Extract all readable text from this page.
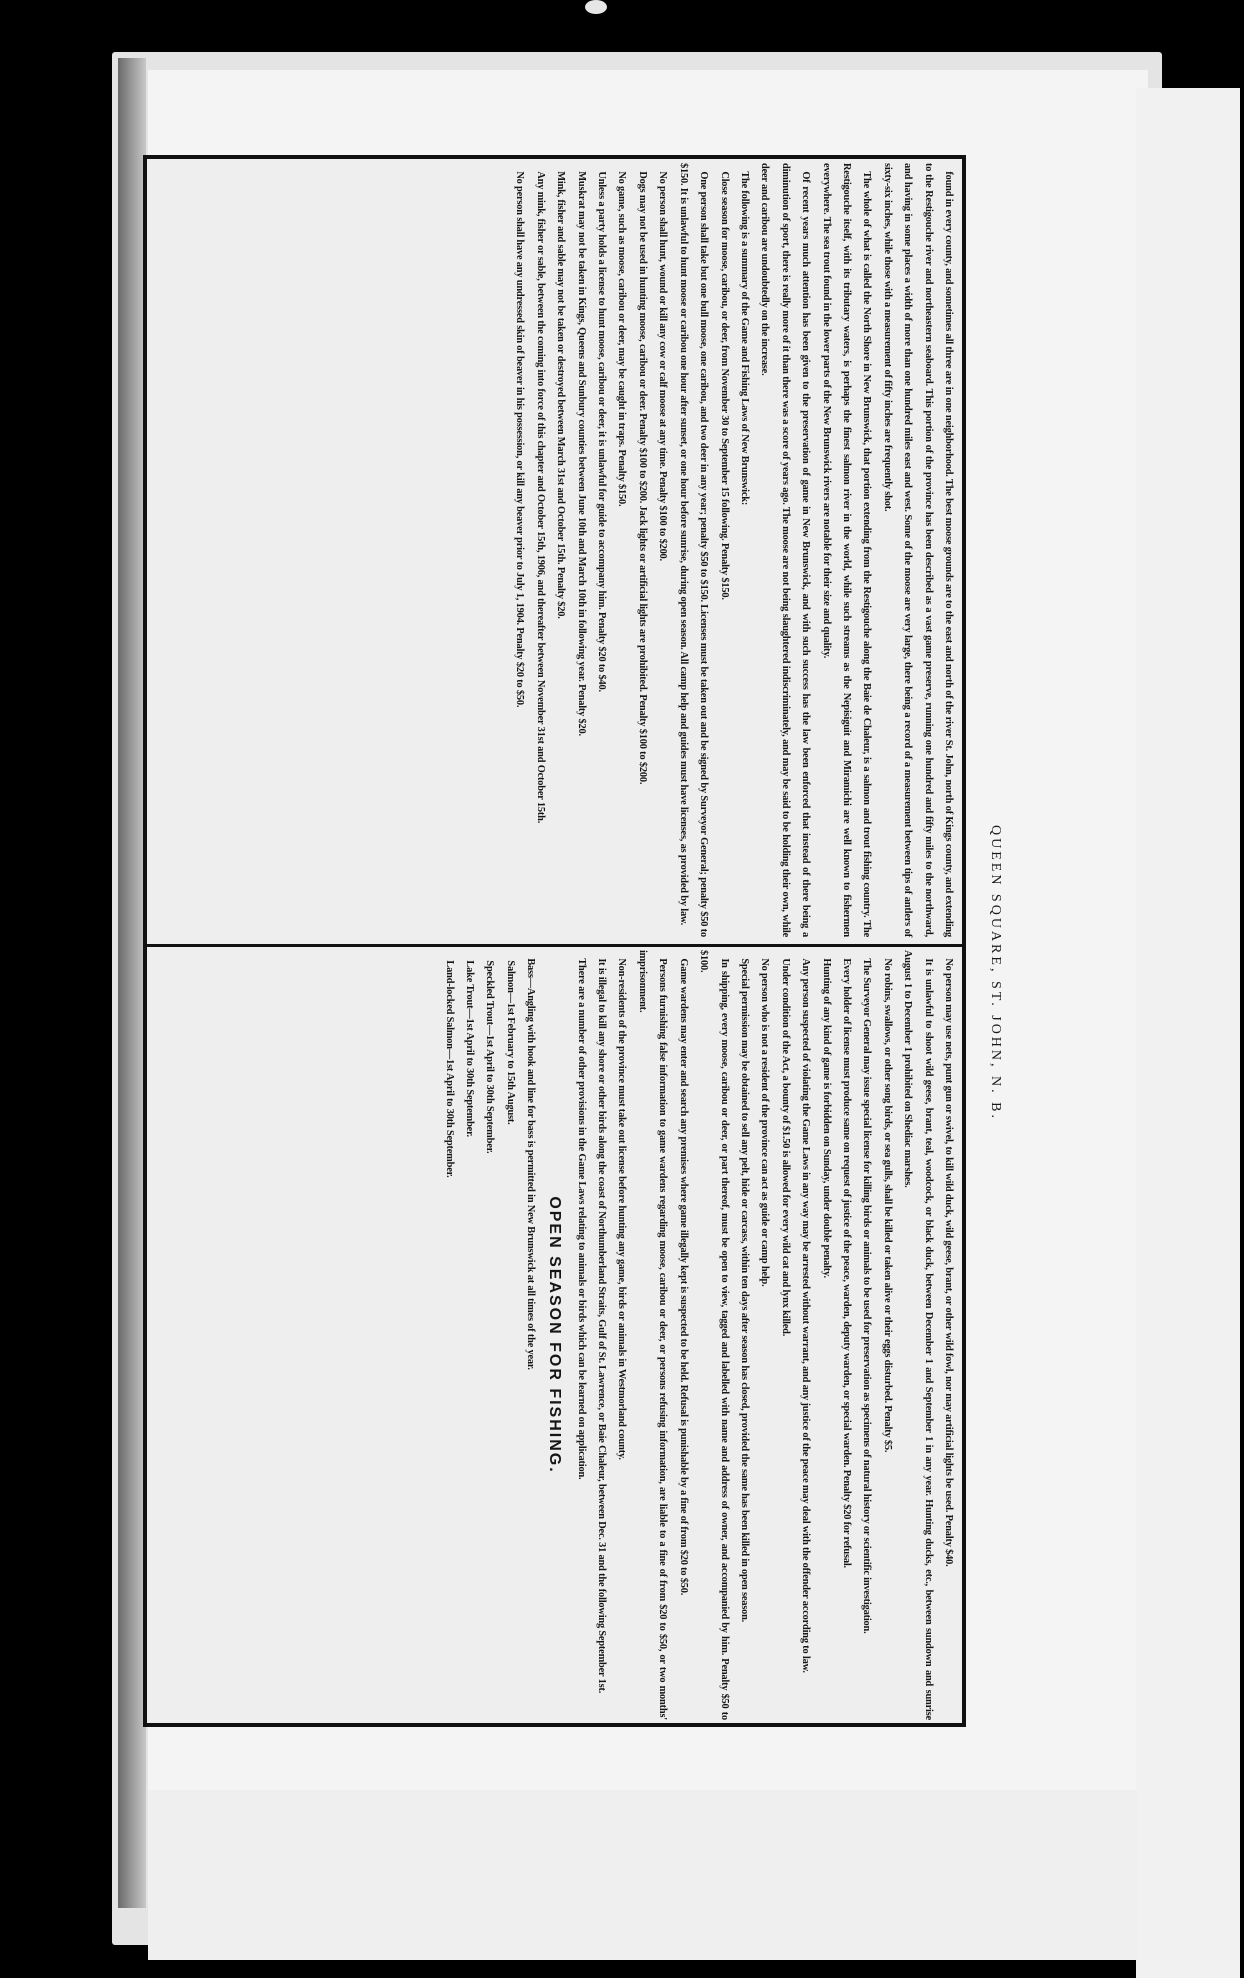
found in every county, and sometimes all three are in one neighborhood. The best moose grounds are to the east and north of the river St. John, north of Kings county, and extending to the Restigouche river and northeastern seaboard. This portion of the province has been described as a vast game preserve, running one hundred and fifty miles to the northward, and having in some places a width of more than one hundred miles east and west. Some of the moose are very large, there being a record of a measurement between tips of antlers of sixty-six inches, while those with a measurement of fifty inches are frequently shot.

The whole of what is called the North Shore in New Brunswick, that portion extending from the Restigouche along the Baie de Chaleur, is a salmon and trout fishing country. The Restigouche itself, with its tributary waters, is perhaps the finest salmon river in the world, while such streams as the Nepisiguit and Miramichi are well known to fishermen everywhere. The sea trout found in the lower parts of the New Brunswick rivers are notable for their size and quality.

Of recent years much attention has been given to the preservation of game in New Brunswick, and with such success has the law been enforced that instead of there being a diminution of sport, there is really more of it than there was a score of years ago. The moose are not being slaughtered indiscriminately, and may be said to be holding their own, while deer and caribou are undoubtedly on the increase.

The following is a summary of the Game and Fishing Laws of New Brunswick:

Close season for moose, caribou, or deer, from November 30 to September 15 following. Penalty $150.

One person shall take but one bull moose, one caribou, and two deer in any year; penalty $50 to $150. Licenses must be taken out and be signed by Surveyor General; penalty $50 to $150. It is unlawful to hunt moose or caribou one hour after sunset, or one hour before sunrise, during open season. All camp help and guides must have licenses, as provided by law.

No person shall hunt, wound or kill any cow or calf moose at any time. Penalty $100 to $200.

Dogs may not be used in hunting moose, caribou or deer. Penalty $100 to $200. Jack lights or artificial lights are prohibited. Penalty $100 to $200.

No game, such as moose, caribou or deer, may be caught in traps. Penalty $150.

Unless a party holds a license to hunt moose, caribou or deer, it is unlawful for guide to accompany him. Penalty $20 to $40.

Muskrat may not be taken in Kings, Queens and Sunbury counties between June 10th and March 10th in following year. Penalty $20.

Mink, fisher and sable may not be taken or destroyed between March 31st and October 15th. Penalty $20.

Any mink, fisher or sable, between the coming into force of this chapter and October 15th, 1906, and thereafter between November 31st and October 15th.

No person shall have any undressed skin of beaver in his possession, or kill any beaver prior to July 1, 1904. Penalty $20 to $50.

No person may use nets, punt gun or swivel, to kill wild duck, wild geese, brant, or other wild fowl, nor may artificial lights be used. Penalty $40.

It is unlawful to shoot wild geese, brant, teal, woodcock, or black duck, between December 1 and September 1 in any year. Hunting ducks, etc., between sundown and sunrise August 1 to December 1 prohibited on Shediac marshes.

No robins, swallows, or other song birds, or sea gulls, shall be killed or taken alive or their eggs disturbed. Penalty $5.

The Surveyor General may issue special license for killing birds or animals to be used for preservation as specimens of natural history or scientific investigation.

Every holder of license must produce same on request of justice of the peace, warden, deputy warden, or special warden. Penalty $20 for refusal.

Hunting of any kind of game is forbidden on Sunday, under double penalty.

Any person suspected of violating the Game Laws in any way may be arrested without warrant, and any justice of the peace may deal with the offender according to law.

Under condition of the Act, a bounty of $1.50 is allowed for every wild cat and lynx killed.

No person who is not a resident of the province can act as guide or camp help.

Special permission may be obtained to sell any pelt, hide or carcass, within ten days after season has closed, provided the same has been killed in open season.

In shipping, every moose, caribou or deer, or part thereof, must be open to view, tagged and labelled with name and address of owner, and accompanied by him. Penalty $50 to $100.

Game wardens may enter and search any premises where game illegally kept is suspected to be held. Refusal is punishable by a fine of from $20 to $50.

Persons furnishing false information to game wardens regarding moose, caribou or deer, or persons refusing information, are liable to a fine of from $20 to $50, or two months' imprisonment.

Non-residents of the province must take out license before hunting any game, birds or animals in Westmorland county.

It is illegal to kill any shore or other birds along the coast of Northumberland Straits, Gulf of St. Lawrence, or Baie Chaleur, between Dec. 31 and the following September 1st.

There are a number of other provisions in the Game Laws relating to animals or birds which can be learned on application.

OPEN SEASON FOR FISHING.

Bass—Angling with hook and line for bass is permitted in New Brunswick at all times of the year.

Salmon—1st February to 15th August.

Speckled Trout—1st April to 30th September.

Lake Trout—1st April to 30th September.

Land-locked Salmon—1st April to 30th September.	QUEEN SQUARE, ST. JOHN, N. B.
